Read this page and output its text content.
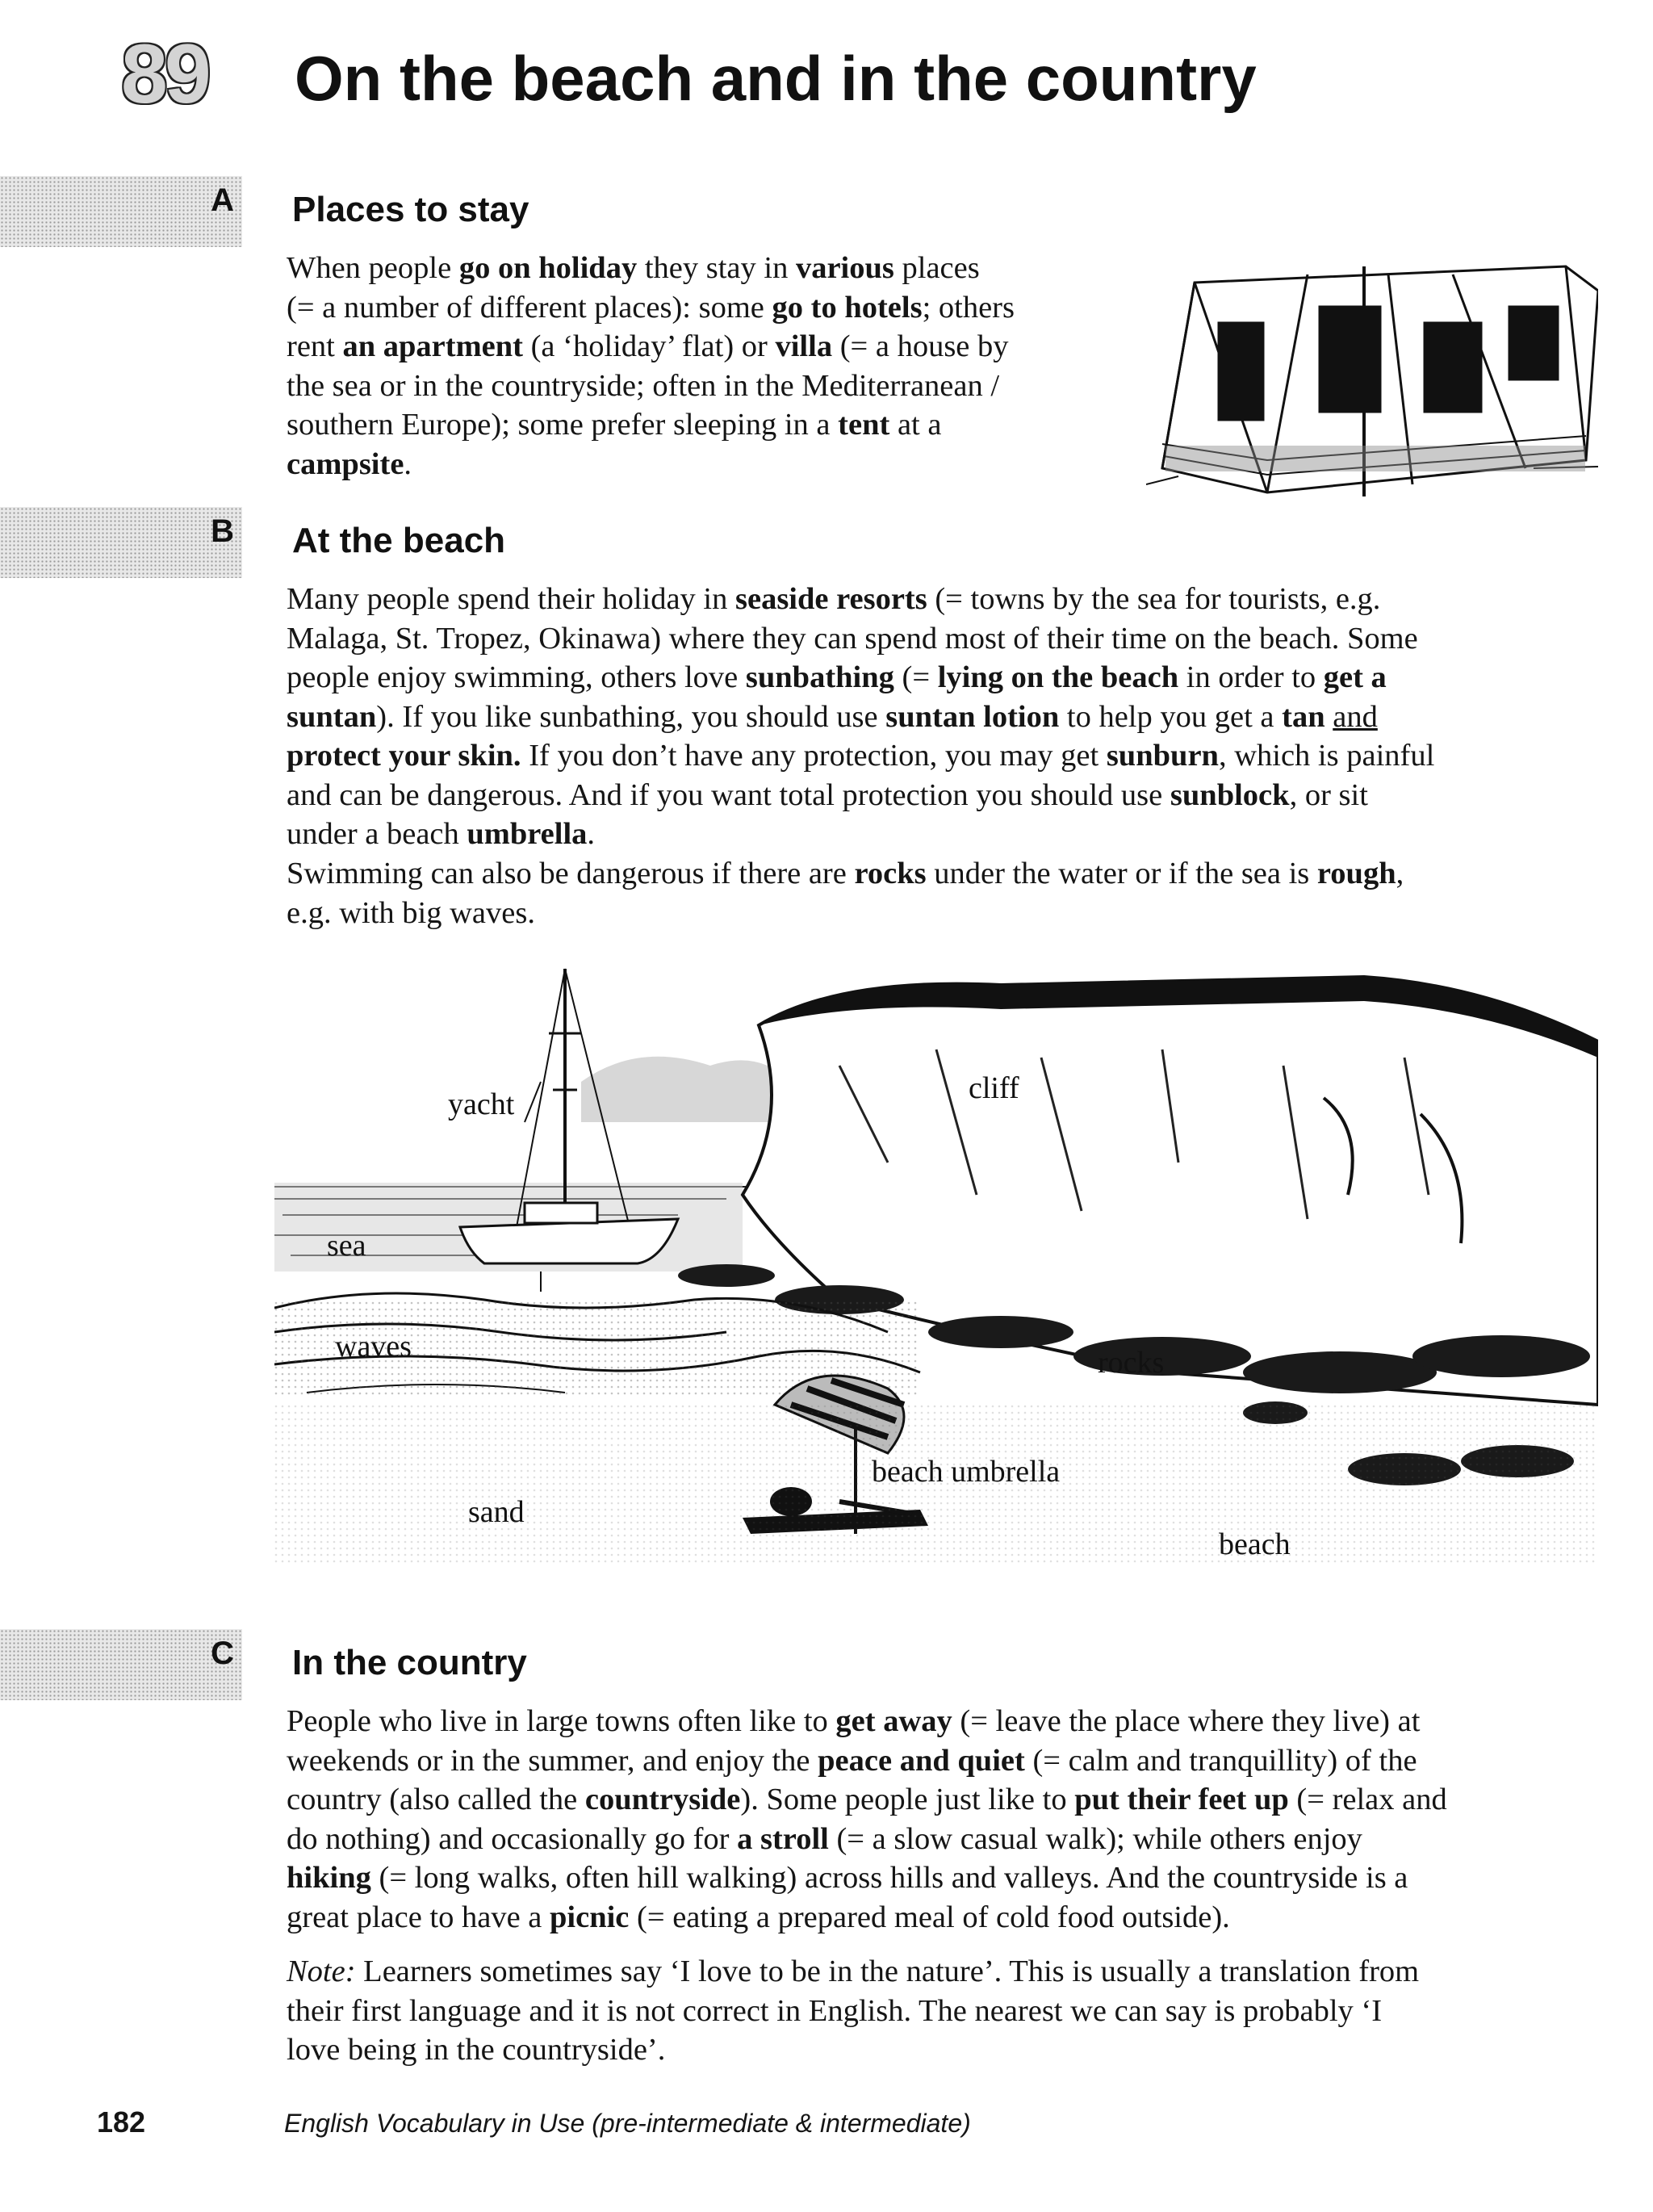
89 On the beach and in the country
A Places to stay

When people go on holiday they stay in various places
(= a number of different places): some go to hotels; others
rent an apartment (a ‘holiday’ flat) or villa (= a house by
the sea or in the countryside; often in the Mediterranean /
southern Europe); some prefer sleeping in a tent at a
campsite.

B At the beach

Many people spend their holiday in seaside resorts (= towns by the sea for tourists, e.g.
Malaga, St. Tropez, Okinawa) where they can spend most of their time on the beach. Some
people enjoy swimming, others love sunbathing (= lying on the beach in order to get a
suntan). If you like sunbathing, you should use suntan lotion to help you get a tan and
protect your skin. If you don’t have any protection, you may get sunburn, which is painful
and can be dangerous. And if you want total protection you should use sunblock, or sit
under a beach umbrella.

Swimming can also be dangerous if there are rocks under the water or if the sea is rough,
e.g. with big waves.

yacht	cliff
sea
waves	rocks
beach umbrella
sand
beach
C In the country

People who live in large towns often like to get away (= leave the place where they live) at
weekends or in the summer, and enjoy the peace and quiet (= calm and tranquillity) of the
country (also called the countryside). Some people just like to put their feet up (= relax and
do nothing) and occasionally go for a stroll (= a slow casual walk); while others enjoy
hiking (= long walks, often hill walking) across hills and valleys. And the countryside is a
great place to have a picnic (= eating a prepared meal of cold food outside).

Note: Learners sometimes say ‘I love to be in the nature’. This is usually a translation from
their first language and it is not correct in English. The nearest we can say is probably ‘I
love being in the countryside’.

182	English Vocabulary in Use (pre-intermediate & intermediate)
